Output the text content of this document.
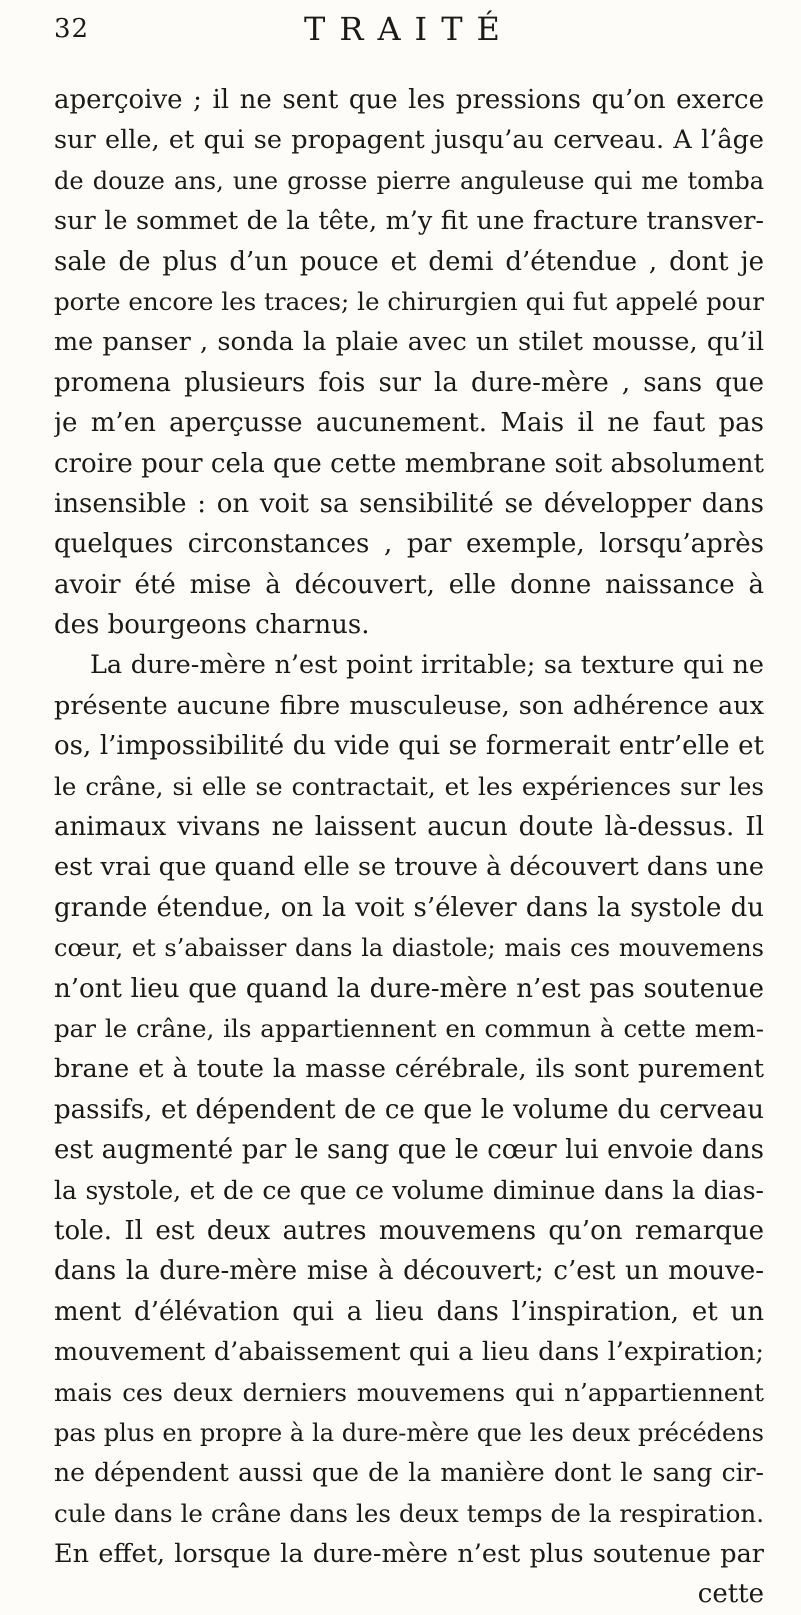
32	TRAITÉ
aperçoive ; il ne sent que les pressions qu’on exerce
sur elle, et qui se propagent jusqu’au cerveau. A l’âge
de douze ans, une grosse pierre anguleuse qui me tomba
sur le sommet de la tête, m’y fit une fracture transver-
sale de plus d’un pouce et demi d’étendue , dont je
porte encore les traces; le chirurgien qui fut appelé pour
me panser , sonda la plaie avec un stilet mousse, qu’il
promena plusieurs fois sur la dure-mère , sans que
je m’en aperçusse aucunement. Mais il ne faut pas
croire pour cela que cette membrane soit absolument
insensible : on voit sa sensibilité se développer dans
quelques circonstances , par exemple, lorsqu’après
avoir été mise à découvert, elle donne naissance à
des bourgeons charnus.
La dure-mère n’est point irritable; sa texture qui ne
présente aucune fibre musculeuse, son adhérence aux
os, l’impossibilité du vide qui se formerait entr’elle et
le crâne, si elle se contractait, et les expériences sur les
animaux vivans ne laissent aucun doute là-dessus. Il
est vrai que quand elle se trouve à découvert dans une
grande étendue, on la voit s’élever dans la systole du
cœur, et s’abaisser dans la diastole; mais ces mouvemens
n’ont lieu que quand la dure-mère n’est pas soutenue
par le crâne, ils appartiennent en commun à cette mem-
brane et à toute la masse cérébrale, ils sont purement
passifs, et dépendent de ce que le volume du cerveau
est augmenté par le sang que le cœur lui envoie dans
la systole, et de ce que ce volume diminue dans la dias-
tole. Il est deux autres mouvemens qu’on remarque
dans la dure-mère mise à découvert; c’est un mouve-
ment d’élévation qui a lieu dans l’inspiration, et un
mouvement d’abaissement qui a lieu dans l’expiration;
mais ces deux derniers mouvemens qui n’appartiennent
pas plus en propre à la dure-mère que les deux précédens
ne dépendent aussi que de la manière dont le sang cir-
cule dans le crâne dans les deux temps de la respiration.
En effet, lorsque la dure-mère n’est plus soutenue par
cette
